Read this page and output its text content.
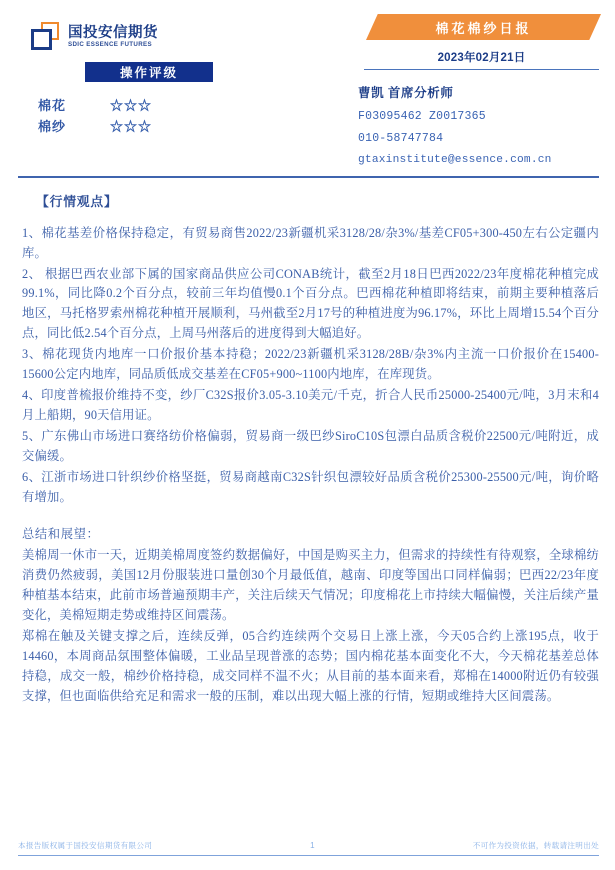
国投安信期货
SDIC ESSENCE FUTURES
操作评级
棉花	☆☆☆
棉纱	☆☆☆
棉花棉纱日报
2023年02月21日
曹凯 首席分析师
F03095462 Z0017365
010-58747784
gtaxinstitute@essence.com.cn
【行情观点】

1、棉花基差价格保持稳定，有贸易商售2022/23新疆机采3128/28/杂3%/基差CF05+300-450左右公定疆内库。

2、 根据巴西农业部下属的国家商品供应公司CONAB统计，截至2月18日巴西2022/23年度棉花种植完成99.1%，同比降0.2个百分点，较前三年均值慢0.1个百分点。巴西棉花种植即将结束，前期主要种植落后地区，马托格罗索州棉花种植开展顺利，马州截至2月17号的种植进度为96.17%，环比上周增15.54个百分点，同比低2.54个百分点，上周马州落后的进度得到大幅追好。

3、棉花现货内地库一口价报价基本持稳；2022/23新疆机采3128/28B/杂3%内主流一口价报价在15400-15600公定内地库，同品质低成交基差在CF05+900~1100内地库，在库现货。

4、印度普梳报价维持不变，纱厂C32S报价3.05-3.10美元/千克，折合人民币25000-25400元/吨，3月末和4月上船期，90天信用证。

5、广东佛山市场进口赛络纺价格偏弱，贸易商一级巴纱SiroC10S包漂白品质含税价22500元/吨附近，成交偏缓。

6、江浙市场进口针织纱价格坚挺，贸易商越南C32S针织包漂较好品质含税价25300-25500元/吨，询价略有增加。

总结和展望：

美棉周一休市一天，近期美棉周度签约数据偏好，中国是购买主力，但需求的持续性有待观察，全球棉纺消费仍然疲弱，美国12月份服装进口量创30个月最低值，越南、印度等国出口同样偏弱；巴西22/23年度种植基本结束，此前市场普遍预期丰产，关注后续天气情况；印度棉花上市持续大幅偏慢，关注后续产量变化，美棉短期走势或维持区间震荡。

郑棉在触及关键支撑之后，连续反弹，05合约连续两个交易日上涨上涨，今天05合约上涨195点，收于14460，本周商品氛围整体偏暖，工业品呈现普涨的态势；国内棉花基本面变化不大，今天棉花基差总体持稳，成交一般，棉纱价格持稳，成交同样不温不火；从目前的基本面来看，郑棉在14000附近仍有较强支撑，但也面临供给充足和需求一般的压制，难以出现大幅上涨的行情，短期或维持大区间震荡。

本报告版权属于国投安信期货有限公司	1	不可作为投资依据，转载请注明出处
